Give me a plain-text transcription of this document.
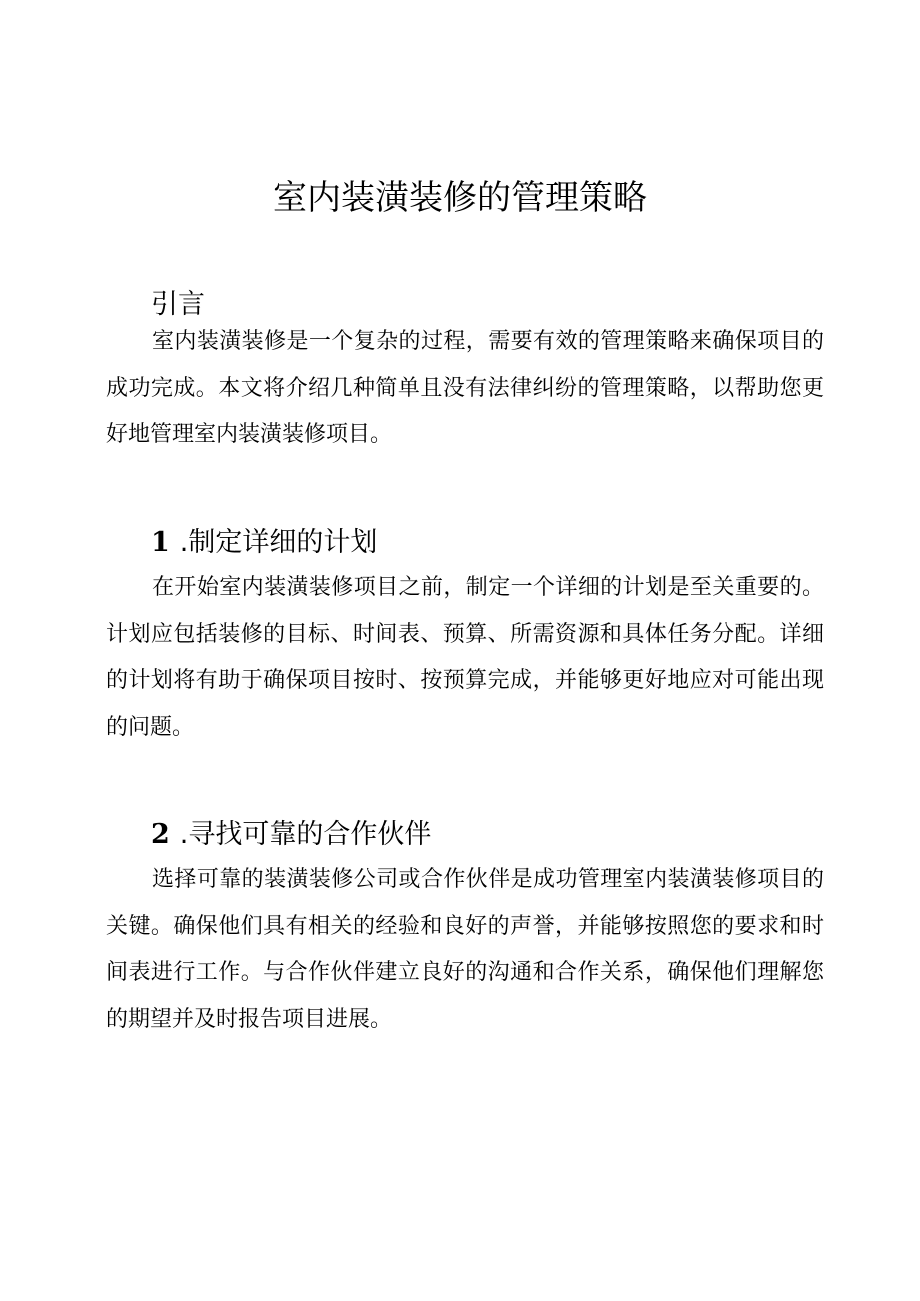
室内装潢装修的管理策略
引言

室内装潢装修是一个复杂的过程，需要有效的管理策略来确保项目的成功完成。本文将介绍几种简单且没有法律纠纷的管理策略，以帮助您更好地管理室内装潢装修项目。

1 .制定详细的计划

在开始室内装潢装修项目之前，制定一个详细的计划是至关重要的。计划应包括装修的目标、时间表、预算、所需资源和具体任务分配。详细的计划将有助于确保项目按时、按预算完成，并能够更好地应对可能出现的问题。

2 .寻找可靠的合作伙伴

选择可靠的装潢装修公司或合作伙伴是成功管理室内装潢装修项目的关键。确保他们具有相关的经验和良好的声誉，并能够按照您的要求和时间表进行工作。与合作伙伴建立良好的沟通和合作关系，确保他们理解您的期望并及时报告项目进展。
